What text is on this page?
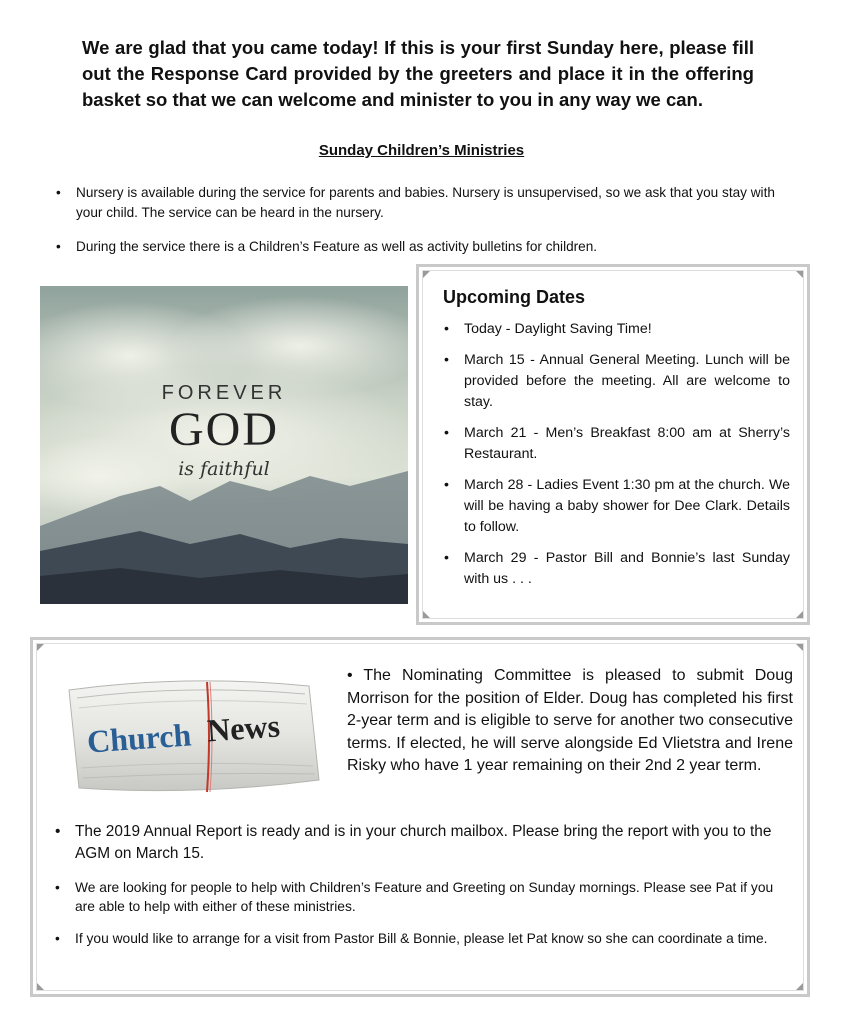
We are glad that you came today! If this is your first Sunday here, please fill out the Response Card provided by the greeters and place it in the offering basket so that we can welcome and minister to you in any way we can.
Sunday Children’s Ministries
• Nursery is available during the service for parents and babies. Nursery is unsupervised, so we ask that you stay with your child. The service can be heard in the nursery.
• During the service there is a Children’s Feature as well as activity bulletins for children.
FOREVER
GOD
is faithful
Upcoming Dates
• Today - Daylight Saving Time!
• March 15 - Annual General Meeting. Lunch will be provided before the meeting. All are welcome to stay.
• March 21 - Men’s Breakfast 8:00 am at Sherry’s Restaurant.
• March 28 - Ladies Event 1:30 pm at the church. We will be having a baby shower for Dee Clark. Details to follow.
• March 29 - Pastor Bill and Bonnie’s last Sunday with us . . .
Church News
• The Nominating Committee is pleased to submit Doug Morrison for the position of Elder. Doug has completed his first 2-year term and is eligible to serve for another two consecutive terms. If elected, he will serve alongside Ed Vlietstra and Irene Risky who have 1 year remaining on their 2nd 2 year term.
• The 2019 Annual Report is ready and is in your church mailbox. Please bring the report with you to the AGM on March 15.
• We are looking for people to help with Children’s Feature and Greeting on Sunday mornings. Please see Pat if you are able to help with either of these ministries.
• If you would like to arrange for a visit from Pastor Bill & Bonnie, please let Pat know so she can coordinate a time.
